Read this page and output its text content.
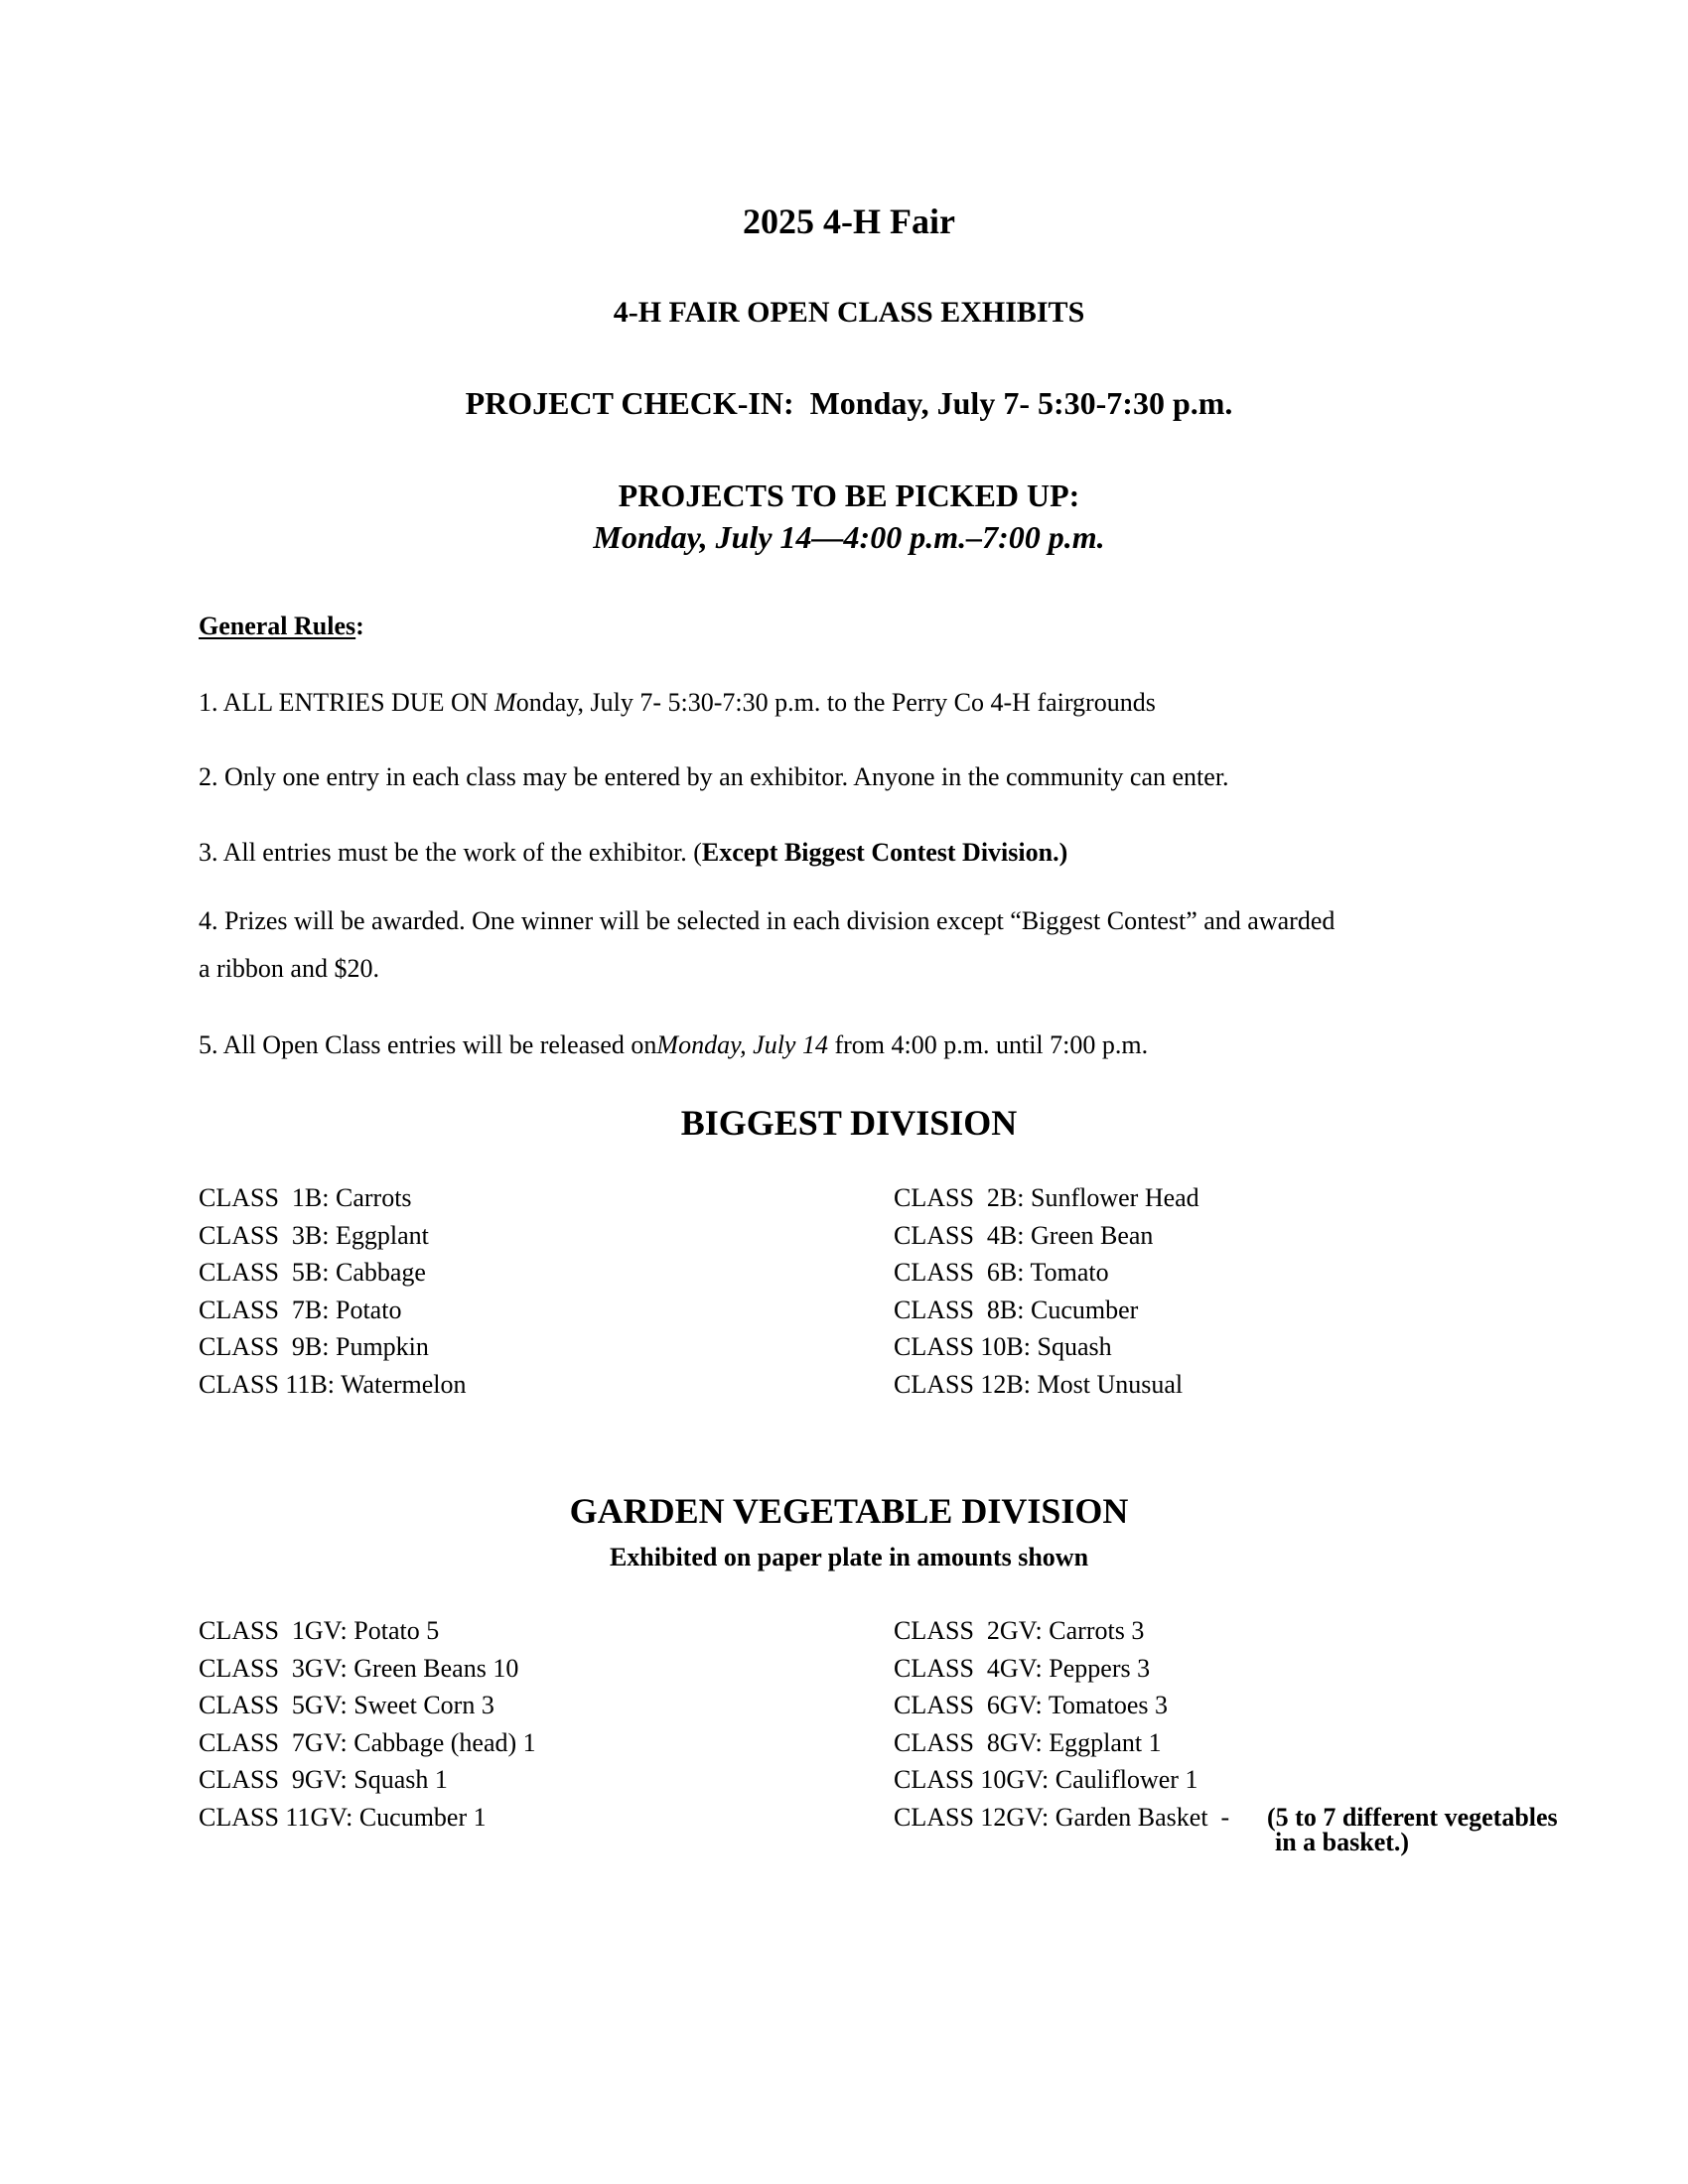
2025 4-H Fair
4-H FAIR OPEN CLASS EXHIBITS
PROJECT CHECK-IN:  Monday, July 7- 5:30-7:30 p.m.
PROJECTS TO BE PICKED UP:
Monday, July 14—4:00 p.m.–7:00 p.m.
General Rules:
1. ALL ENTRIES DUE ON Monday, July 7- 5:30-7:30 p.m. to the Perry Co 4-H fairgrounds
2. Only one entry in each class may be entered by an exhibitor. Anyone in the community can enter.
3. All entries must be the work of the exhibitor. (Except Biggest Contest Division.)
4. Prizes will be awarded. One winner will be selected in each division except “Biggest Contest” and awarded
a ribbon and $20.
5. All Open Class entries will be released onMonday, July 14 from 4:00 p.m. until 7:00 p.m.
BIGGEST DIVISION
CLASS  1B: Carrots
CLASS  3B: Eggplant
CLASS  5B: Cabbage
CLASS  7B: Potato
CLASS  9B: Pumpkin
CLASS 11B: Watermelon
CLASS  2B: Sunflower Head
CLASS  4B: Green Bean
CLASS  6B: Tomato
CLASS  8B: Cucumber
CLASS 10B: Squash
CLASS 12B: Most Unusual
GARDEN VEGETABLE DIVISION
Exhibited on paper plate in amounts shown
CLASS  1GV: Potato 5
CLASS  3GV: Green Beans 10
CLASS  5GV: Sweet Corn 3
CLASS  7GV: Cabbage (head) 1
CLASS  9GV: Squash 1
CLASS 11GV: Cucumber 1
CLASS  2GV: Carrots 3
CLASS  4GV: Peppers 3
CLASS  6GV: Tomatoes 3
CLASS  8GV: Eggplant 1
CLASS 10GV: Cauliflower 1
CLASS 12GV: Garden Basket  - (5 to 7 different vegetables
in a basket.)
